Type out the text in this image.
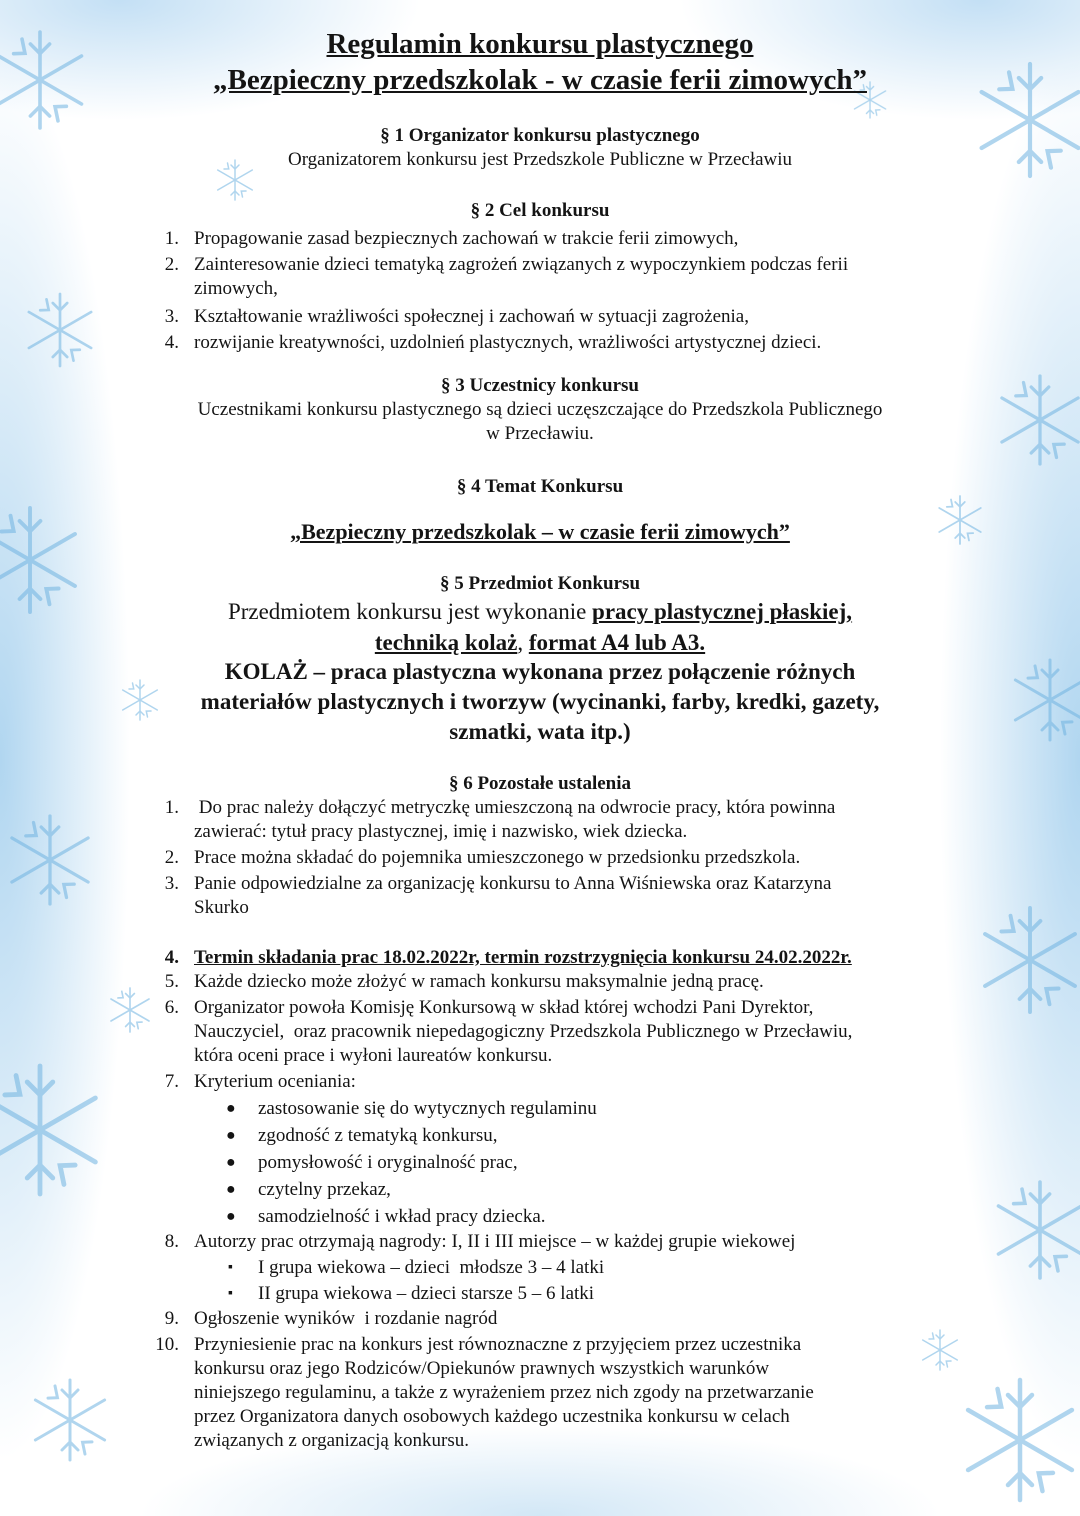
Regulamin konkursu plastycznego

„Bezpieczny przedszkolak - w czasie ferii zimowych”

§ 1 Organizator konkursu plastycznego

Organizatorem konkursu jest Przedszkole Publiczne w Przecławiu

§ 2 Cel konkursu

1. Propagowanie zasad bezpiecznych zachowań w trakcie ferii zimowych,

2. Zainteresowanie dzieci tematyką zagrożeń związanych z wypoczynkiem podczas ferii

zimowych,

3. Kształtowanie wrażliwości społecznej i zachowań w sytuacji zagrożenia,

4. rozwijanie kreatywności, uzdolnień plastycznych, wrażliwości artystycznej dzieci.

§ 3 Uczestnicy konkursu

Uczestnikami konkursu plastycznego są dzieci uczęszczające do Przedszkola Publicznego

w Przecławiu.

§ 4 Temat Konkursu

„Bezpieczny przedszkolak – w czasie ferii zimowych”

§ 5 Przedmiot Konkursu

Przedmiotem konkursu jest wykonanie pracy plastycznej płaskiej,

techniką kolaż, format A4 lub A3.

KOLAŻ – praca plastyczna wykonana przez połączenie różnych

materiałów plastycznych i tworzyw (wycinanki, farby, kredki, gazety,

szmatki, wata itp.)

§ 6 Pozostałe ustalenia

1. Do prac należy dołączyć metryczkę umieszczoną na odwrocie pracy, która powinna

zawierać: tytuł pracy plastycznej, imię i nazwisko, wiek dziecka.

2. Prace można składać do pojemnika umieszczonego w przedsionku przedszkola.

3. Panie odpowiedzialne za organizację konkursu to Anna Wiśniewska oraz Katarzyna

Skurko

4. Termin składania prac 18.02.2022r, termin rozstrzygnięcia konkursu 24.02.2022r.

5. Każde dziecko może złożyć w ramach konkursu maksymalnie jedną pracę.

6. Organizator powoła Komisję Konkursową w skład której wchodzi Pani Dyrektor,

Nauczyciel,  oraz pracownik niepedagogiczny Przedszkola Publicznego w Przecławiu,

która oceni prace i wyłoni laureatów konkursu.

7. Kryterium oceniania:

● zastosowanie się do wytycznych regulaminu

● zgodność z tematyką konkursu,

● pomysłowość i oryginalność prac,

● czytelny przekaz,

● samodzielność i wkład pracy dziecka.

8. Autorzy prac otrzymają nagrody: I, II i III miejsce – w każdej grupie wiekowej

▪ I grupa wiekowa – dzieci  młodsze 3 – 4 latki

▪ II grupa wiekowa – dzieci starsze 5 – 6 latki

9. Ogłoszenie wyników  i rozdanie nagród

10. Przyniesienie prac na konkurs jest równoznaczne z przyjęciem przez uczestnika

konkursu oraz jego Rodziców/Opiekunów prawnych wszystkich warunków

niniejszego regulaminu, a także z wyrażeniem przez nich zgody na przetwarzanie

przez Organizatora danych osobowych każdego uczestnika konkursu w celach

związanych z organizacją konkursu.
